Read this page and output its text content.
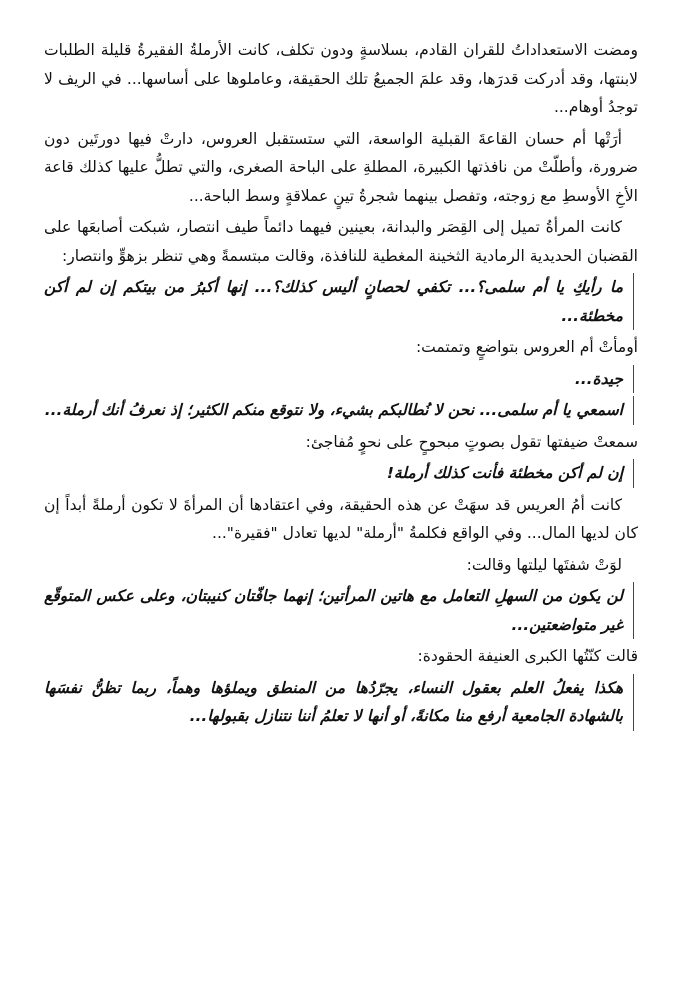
ومضت الاستعداداتُ للقران القادم، بسلاسةٍ ودون تكلف، كانت الأرملةُ الفقيرةُ قليلة الطلبات لابنتها، وقد أدركت قدرَها، وقد علمَ الجميعُ تلك الحقيقة، وعاملوها على أساسها... في الريف لا توجدُ أوهام...

أرَتْها أم حسان القاعةَ القبلية الواسعة، التي ستستقبل العروس، دارتْ فيها دورتَين دون ضرورة، وأطلّتْ من نافذتها الكبيرة، المطلةِ على الباحة الصغرى، والتي تطلُّ عليها كذلك قاعة الأخِ الأوسطِ مع زوجته، وتفصل بينهما شجرةُ تينٍ عملاقةٍ وسط الباحة...

كانت المرأةُ تميل إلى القِصَر والبدانة، بعينين فيهما دائماً طيف انتصار، شبكت أصابعَها على القضبان الحديدية الرمادية الثخينة المغطية للنافذة، وقالت مبتسمةً وهي تنظر بزهوٍّ وانتصار:

ما رأيكِ يا أم سلمى؟... تكفي لحصانٍ أليس كذلك؟... إنها أكبرُ من بيتكم إن لم أكن مخطئة...

أومأتْ أم العروس بتواضعٍ وتمتمت:

جيدة...

اسمعي يا أم سلمى... نحن لا نُطالبكم بشيء، ولا نتوقع منكم الكثير؛ إذ نعرفُ أنك أرملة...

سمعتْ ضيفتها تقول بصوتٍ مبحوحٍ على نحوٍ مُفاجئ:

إن لم أكن مخطئة فأنت كذلك أرملة!

كانت أمُ العريس قد سهَتْ عن هذه الحقيقة، وفي اعتقادها أن المرأةَ لا تكون أرملةً أبداً إن كان لديها المال... وفي الواقع فكلمةُ "أرملة" لديها تعادل "فقيرة"...

لوَتْ شفتَها ليلتها وقالت:

لن يكون من السهلِ التعامل مع هاتين المرأتين؛ إنهما جافّتان كنيبتان، وعلى عكس المتوقّع غير متواضعتين...

قالت كنّتُها الكبرى العنيفة الحقودة:

هكذا يفعلُ العلم بعقول النساء، يجرّدُها من المنطق ويملؤها وهماً، ربما تظنُّ نفسَها بالشهادة الجامعية أرفع منا مكانةً، أو أنها لا تعلمُ أننا نتنازل بقبولها...
